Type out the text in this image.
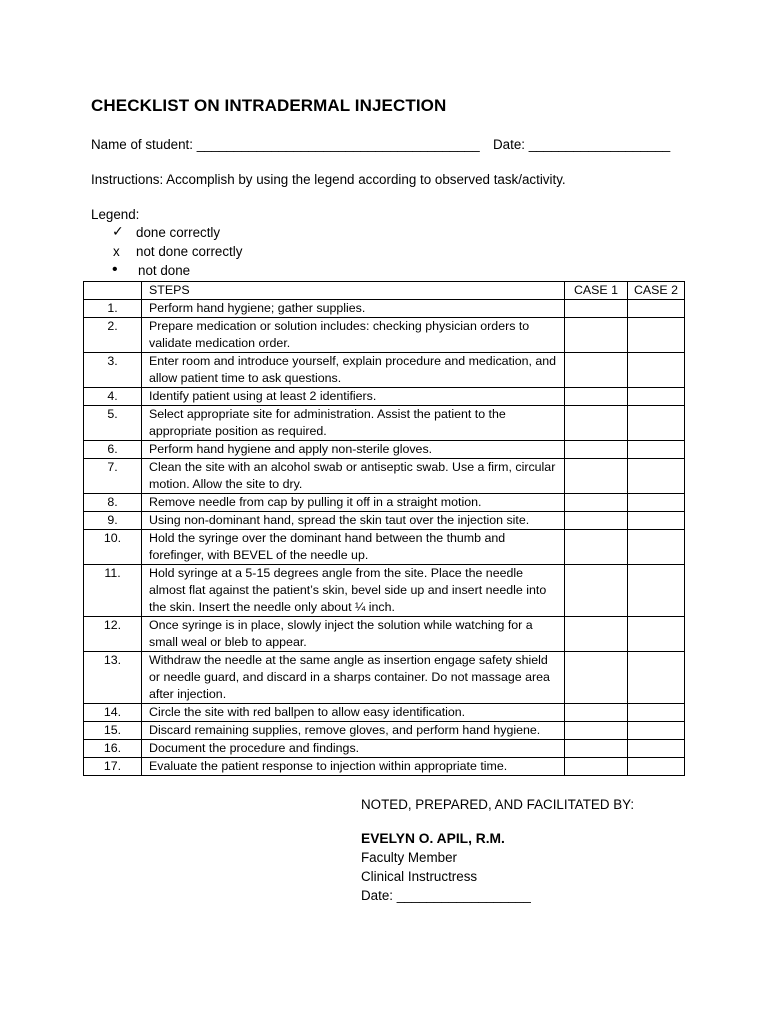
CHECKLIST ON INTRADERMAL INJECTION
Name of student: ______________________________________ Date: ___________________
Instructions: Accomplish by using the legend according to observed task/activity.
Legend:
✓ done correctly
x not done correctly
• not done
	STEPS	CASE 1	CASE 2

1.	Perform hand hygiene; gather supplies.		

2.	Prepare medication or solution includes: checking physician orders to validate medication order.		

3.	Enter room and introduce yourself, explain procedure and medication, and allow patient time to ask questions.		

4.	Identify patient using at least 2 identifiers.		

5.	Select appropriate site for administration. Assist the patient to the appropriate position as required.		

6.	Perform hand hygiene and apply non-sterile gloves.		

7.	Clean the site with an alcohol swab or antiseptic swab. Use a firm, circular motion. Allow the site to dry.		

8.	Remove needle from cap by pulling it off in a straight motion.		

9.	Using non-dominant hand, spread the skin taut over the injection site.		

10.	Hold the syringe over the dominant hand between the thumb and forefinger, with BEVEL of the needle up.		

11.	Hold syringe at a 5-15 degrees angle from the site. Place the needle almost flat against the patient’s skin, bevel side up and insert needle into the skin. Insert the needle only about ¼ inch.		

12.	Once syringe is in place, slowly inject the solution while watching for a small weal or bleb to appear.		

13.	Withdraw the needle at the same angle as insertion engage safety shield or needle guard, and discard in a sharps container. Do not massage area after injection.		

14.	Circle the site with red ballpen to allow easy identification.		

15.	Discard remaining supplies, remove gloves, and perform hand hygiene.		

16.	Document the procedure and findings.		

17.	Evaluate the patient response to injection within appropriate time.		
NOTED, PREPARED, AND FACILITATED BY:
EVELYN O. APIL, R.M.
Faculty Member
Clinical Instructress
Date: __________________
